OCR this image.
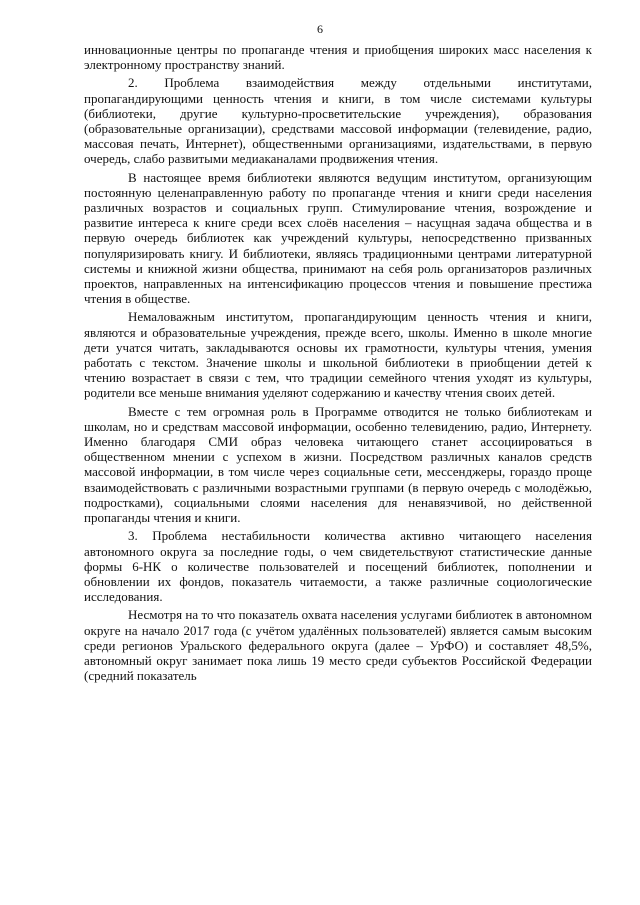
6

инновационные центры по пропаганде чтения и приобщения широких масс населения к электронному пространству знаний.

2. Проблема взаимодействия между отдельными институтами, пропагандирующими ценность чтения и книги, в том числе системами культуры (библиотеки, другие культурно-просветительские учреждения), образования (образовательные организации), средствами массовой информации (телевидение, радио, массовая печать, Интернет), общественными организациями, издательствами, в первую очередь, слабо развитыми медиаканалами продвижения чтения.

В настоящее время библиотеки являются ведущим институтом, организующим постоянную целенаправленную работу по пропаганде чтения и книги среди населения различных возрастов и социальных групп. Стимулирование чтения, возрождение и развитие интереса к книге среди всех слоёв населения – насущная задача общества и в первую очередь библиотек как учреждений культуры, непосредственно призванных популяризировать книгу. И библиотеки, являясь традиционными центрами литературной системы и книжной жизни общества, принимают на себя роль организаторов различных проектов, направленных на интенсификацию процессов чтения и повышение престижа чтения в обществе.

Немаловажным институтом, пропагандирующим ценность чтения и книги, являются и образовательные учреждения, прежде всего, школы. Именно в школе многие дети учатся читать, закладываются основы их грамотности, культуры чтения, умения работать с текстом. Значение школы и школьной библиотеки в приобщении детей к чтению возрастает в связи с тем, что традиции семейного чтения уходят из культуры, родители все меньше внимания уделяют содержанию и качеству чтения своих детей.

Вместе с тем огромная роль в Программе отводится не только библиотекам и школам, но и средствам массовой информации, особенно телевидению, радио, Интернету. Именно благодаря СМИ образ человека читающего станет ассоциироваться в общественном мнении с успехом в жизни. Посредством различных каналов средств массовой информации, в том числе через социальные сети, мессенджеры, гораздо проще взаимодействовать с различными возрастными группами (в первую очередь с молодёжью, подростками), социальными слоями населения для ненавязчивой, но действенной пропаганды чтения и книги.

3. Проблема нестабильности количества активно читающего населения автономного округа за последние годы, о чем свидетельствуют статистические данные формы 6-НК о количестве пользователей и посещений библиотек, пополнении и обновлении их фондов, показатель читаемости, а также различные социологические исследования.

Несмотря на то что показатель охвата населения услугами библиотек в автономном округе на начало 2017 года (с учётом удалённых пользователей) является самым высоким среди регионов Уральского федерального округа (далее – УрФО) и составляет 48,5%, автономный округ занимает пока лишь 19 место среди субъектов Российской Федерации (средний показатель
